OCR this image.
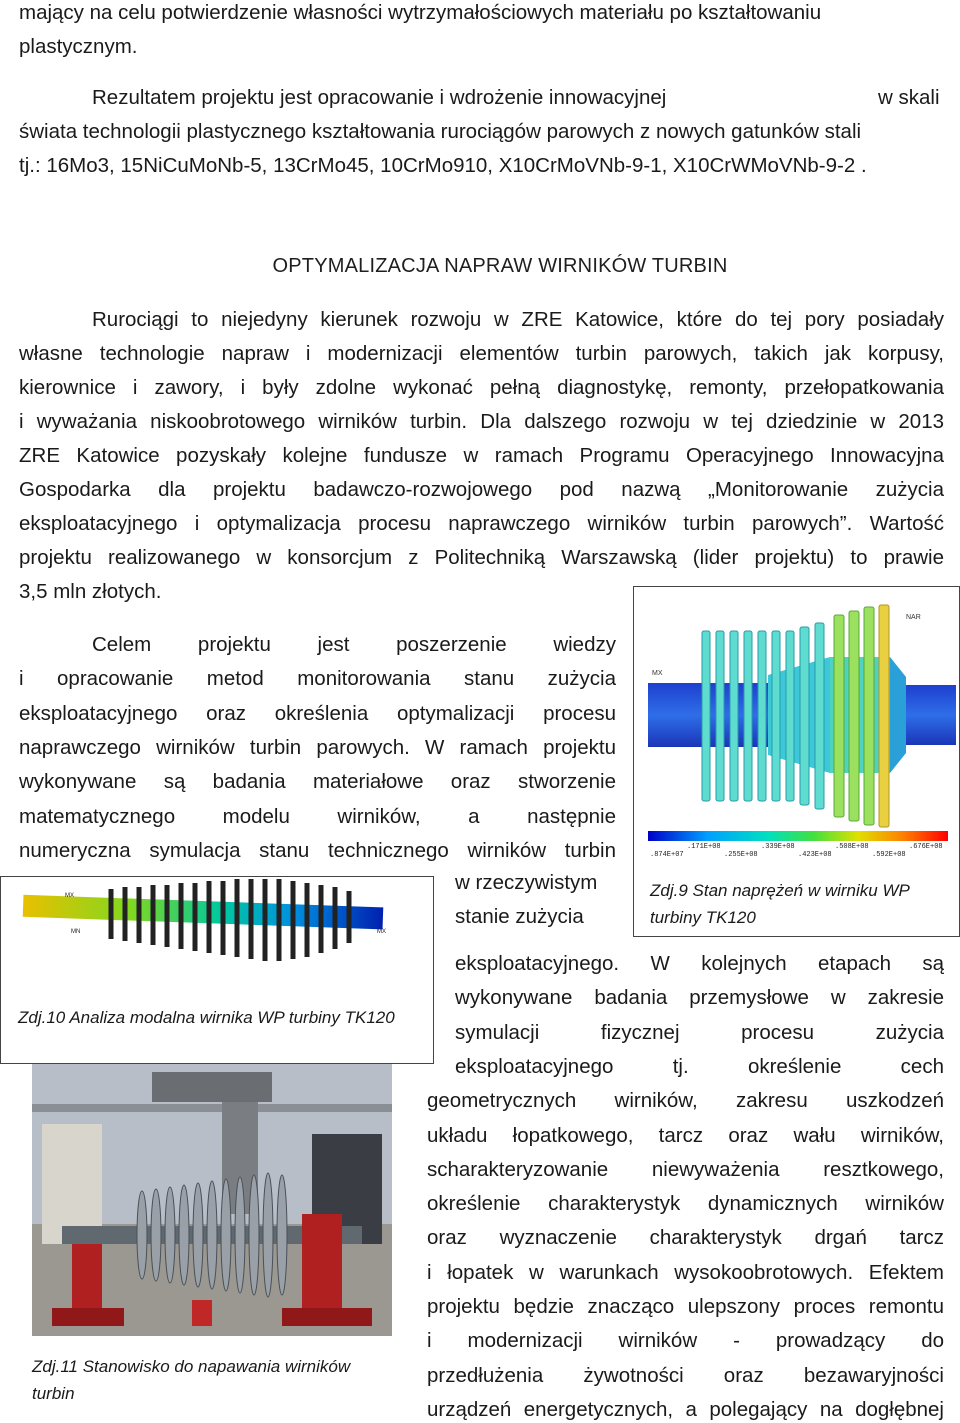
mający na celu potwierdzenie własności wytrzymałościowych materiału po kształtowaniu
plastycznym.
Rezultatem projektu jest opracowanie i wdrożenie innowacyjnej	w skali
świata technologii plastycznego kształtowania rurociągów parowych z nowych gatunków stali
tj.: 16Mo3, 15NiCuMoNb-5, 13CrMo45, 10CrMo910, X10CrMoVNb-9-1, X10CrWMoVNb-9-2 .
OPTYMALIZACJA NAPRAW WIRNIKÓW TURBIN
Rurociągi to niejedyny kierunek rozwoju w ZRE Katowice, które do tej pory posiadały
własne technologie napraw i modernizacji elementów turbin parowych, takich jak korpusy,
kierownice i zawory, i były zdolne wykonać pełną diagnostykę, remonty, przełopatkowania
i wyważania niskoobrotowego wirników turbin. Dla dalszego rozwoju w tej dziedzinie w 2013
ZRE Katowice pozyskały kolejne fundusze w ramach Programu Operacyjnego Innowacyjna
Gospodarka dla projektu badawczo-rozwojowego pod nazwą „Monitorowanie zużycia
eksploatacyjnego i optymalizacja procesu naprawczego wirników turbin parowych”. Wartość
projektu realizowanego w konsorcjum z Politechniką Warszawską (lider projektu) to prawie
3,5 mln złotych.
Celem projektu jest poszerzenie wiedzy
i opracowanie metod monitorowania stanu zużycia
eksploatacyjnego oraz określenia optymalizacji procesu
naprawczego wirników turbin parowych. W ramach projektu
wykonywane są badania materiałowe oraz stworzenie
matematycznego modelu wirników, a następnie
numeryczna symulacja stanu technicznego wirników turbin
w rzeczywistym
stanie zużycia
eksploatacyjnego. W kolejnych etapach są
wykonywane badania przemysłowe w zakresie
symulacji fizycznej procesu zużycia
eksploatacyjnego tj. określenie cech
geometrycznych wirników, zakresu uszkodzeń
układu łopatkowego, tarcz oraz wału wirników,
scharakteryzowanie niewyważenia resztkowego,
określenie charakterystyk dynamicznych wirników
oraz wyznaczenie charakterystyk drgań tarcz
i łopatek w warunkach wysokoobrotowych. Efektem
projektu będzie znacząco ulepszony proces remontu
i modernizacji wirników - prowadzący do
przedłużenia żywotności oraz bezawaryjności
urządzeń energetycznych, a polegający na dogłębnej
NAR
MX
.874E+07
.171E+08
.255E+08
.339E+08
.423E+08
.508E+08
.592E+08
.676E+08
Zdj.9 Stan naprężeń w wirniku WP turbiny TK120
MX
MN	MX
Zdj.10 Analiza modalna wirnika WP turbiny TK120
Zdj.11 Stanowisko do napawania wirników turbin
